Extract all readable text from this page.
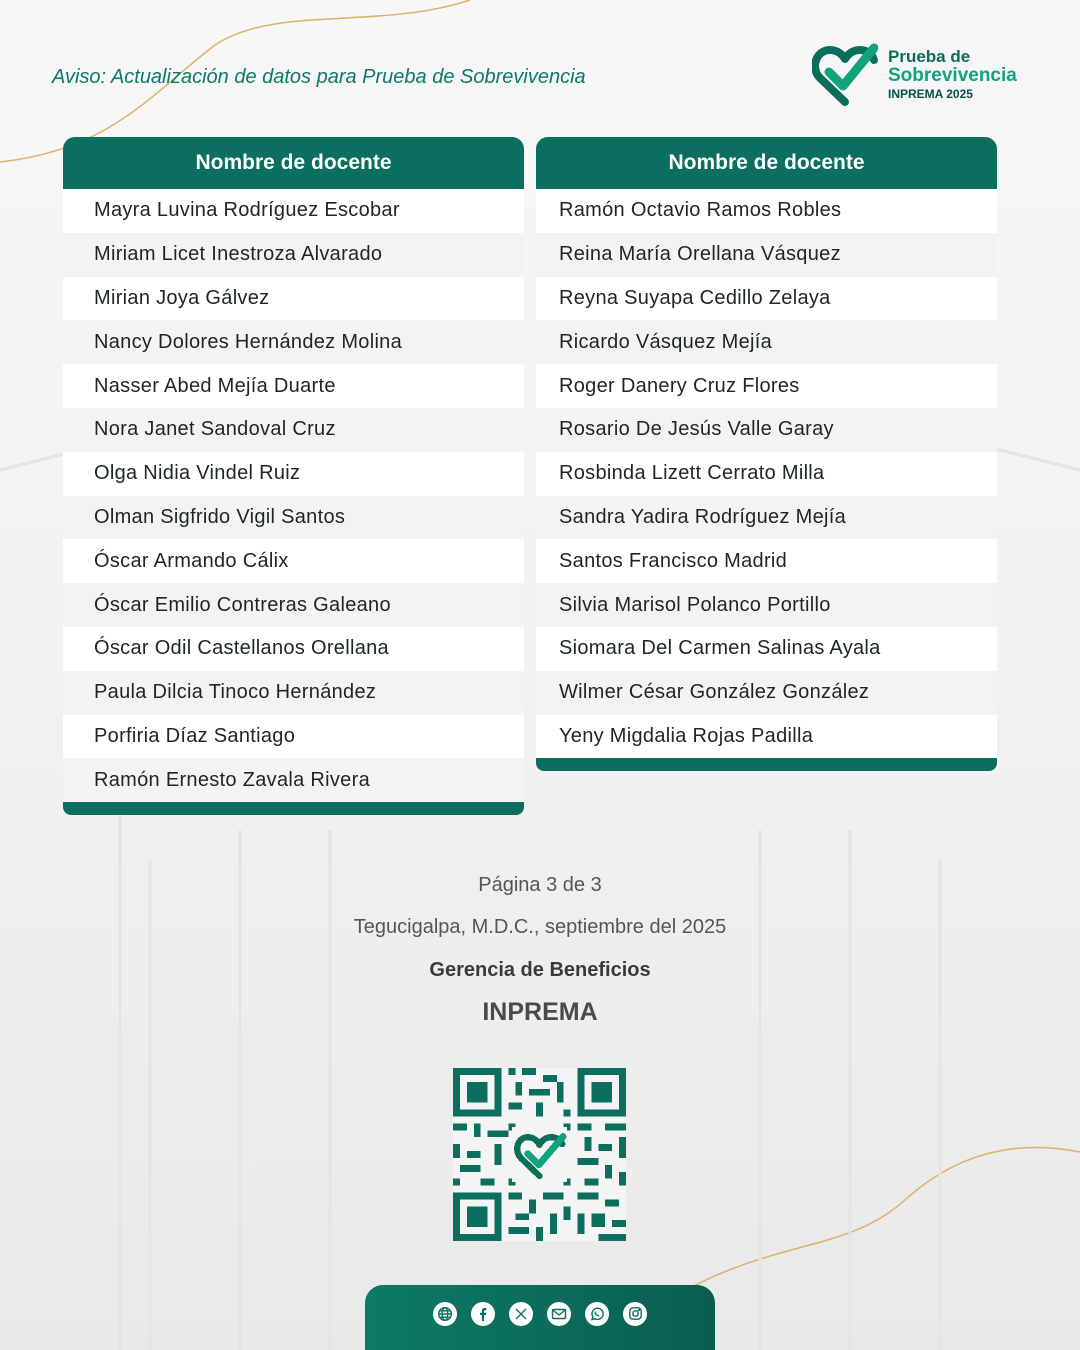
Aviso: Actualización de datos para Prueba de Sobrevivencia
Prueba de
Sobrevivencia
INPREMA 2025
Nombre de docente
Mayra Luvina Rodríguez Escobar
Miriam Licet Inestroza Alvarado
Mirian Joya Gálvez
Nancy Dolores Hernández Molina
Nasser Abed Mejía Duarte
Nora Janet Sandoval Cruz
Olga Nidia Vindel Ruiz
Olman Sigfrido Vigil Santos
Óscar Armando Cálix
Óscar Emilio Contreras Galeano
Óscar Odil Castellanos Orellana
Paula Dilcia Tinoco Hernández
Porfiria Díaz Santiago
Ramón Ernesto Zavala Rivera
Nombre de docente
Ramón Octavio Ramos Robles
Reina María Orellana Vásquez
Reyna Suyapa Cedillo Zelaya
Ricardo Vásquez Mejía
Roger Danery Cruz Flores
Rosario De Jesús Valle Garay
Rosbinda Lizett Cerrato Milla
Sandra Yadira Rodríguez Mejía
Santos Francisco Madrid
Silvia Marisol Polanco Portillo
Siomara Del Carmen Salinas Ayala
Wilmer César González González
Yeny Migdalia Rojas Padilla
Página 3 de 3
Tegucigalpa, M.D.C., septiembre del 2025
Gerencia de Beneficios
INPREMA
